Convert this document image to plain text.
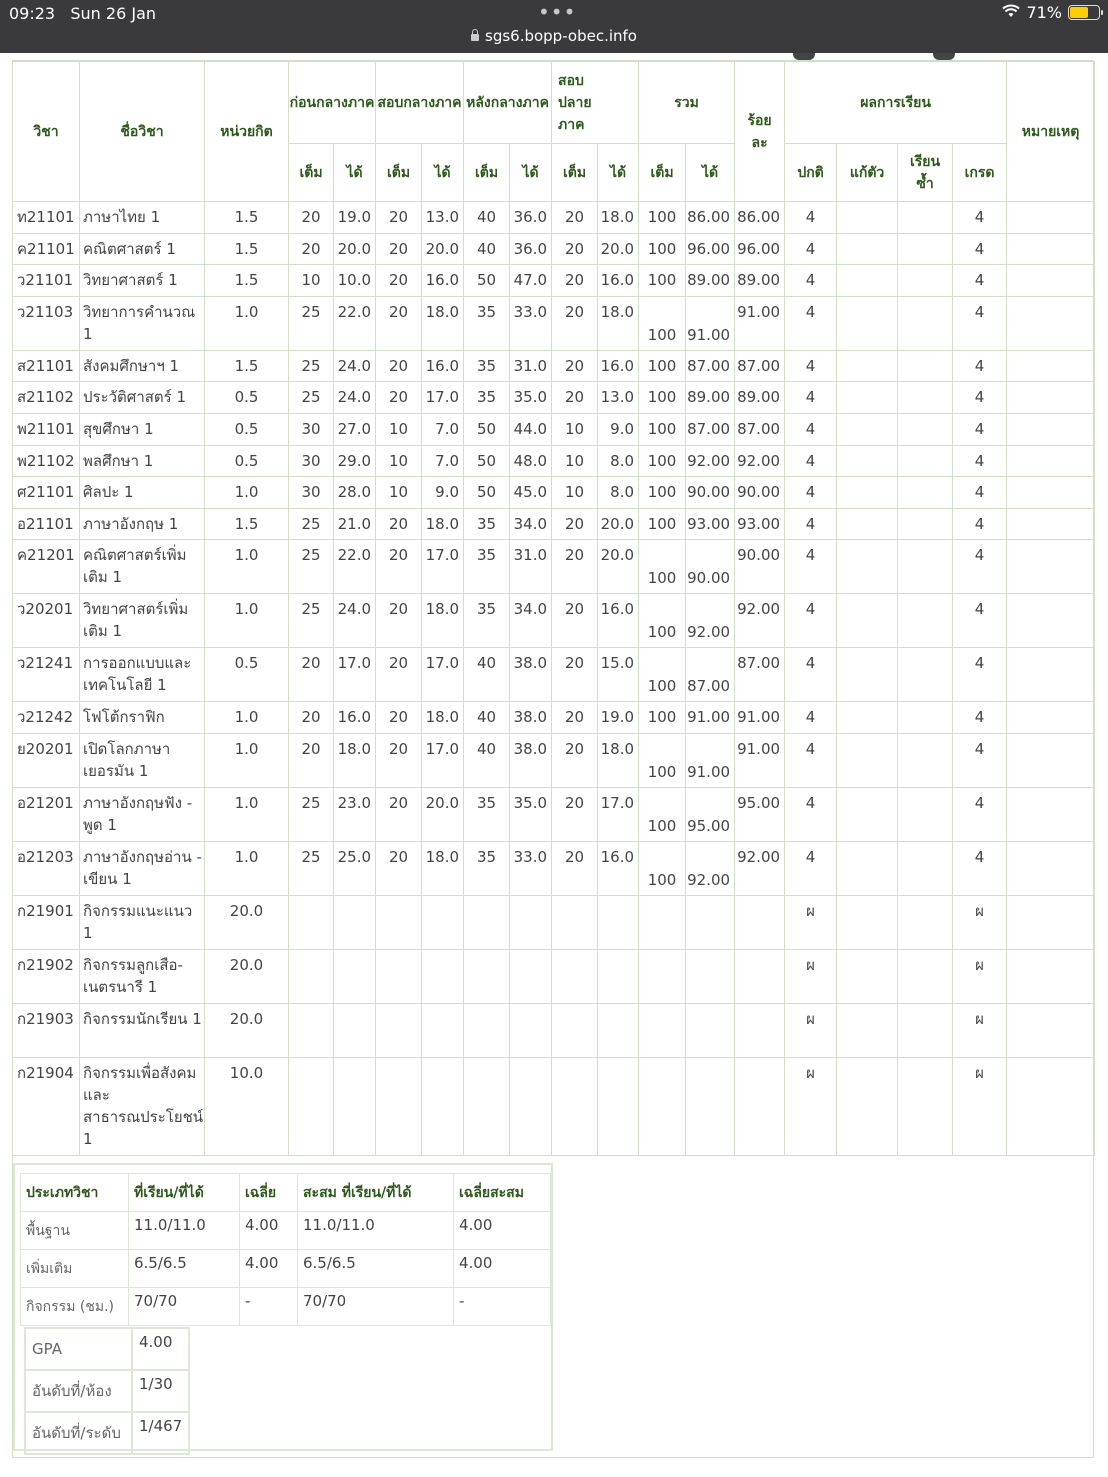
09:23 Sun 26 Jan	•••	71%
sgs6.bopp-obec.info
วิชา	ชื่อวิชา	หน่วยกิต	ก่อนกลางภาค		สอบกลางภาค		หลังกลางภาค		สอบปลายภาค		รวม		ร้อยละ	ผลการเรียน				หมายเหตุ
			เต็ม	ได้	เต็ม	ได้	เต็ม	ได้	เต็ม	ได้	เต็ม	ได้		ปกติ	แก้ตัว	เรียนซ้ำ	เกรด	
ท21101	ภาษาไทย 1	1.5	20	19.0	20	13.0	40	36.0	20	18.0	100	86.00	86.00	4			4	
ค21101	คณิตศาสตร์ 1	1.5	20	20.0	20	20.0	40	36.0	20	20.0	100	96.00	96.00	4			4	
ว21101	วิทยาศาสตร์ 1	1.5	10	10.0	20	16.0	50	47.0	20	16.0	100	89.00	89.00	4			4	
ว21103	วิทยาการคำนวณ 1	1.0	25	22.0	20	18.0	35	33.0	20	18.0	100	91.00	91.00	4			4	
ส21101	สังคมศึกษาฯ 1	1.5	25	24.0	20	16.0	35	31.0	20	16.0	100	87.00	87.00	4			4	
ส21102	ประวัติศาสตร์ 1	0.5	25	24.0	20	17.0	35	35.0	20	13.0	100	89.00	89.00	4			4	
พ21101	สุขศึกษา 1	0.5	30	27.0	10	7.0	50	44.0	10	9.0	100	87.00	87.00	4			4	
พ21102	พลศึกษา 1	0.5	30	29.0	10	7.0	50	48.0	10	8.0	100	92.00	92.00	4			4	
ศ21101	ศิลปะ 1	1.0	30	28.0	10	9.0	50	45.0	10	8.0	100	90.00	90.00	4			4	
อ21101	ภาษาอังกฤษ 1	1.5	25	21.0	20	18.0	35	34.0	20	20.0	100	93.00	93.00	4			4	
ค21201	คณิตศาสตร์เพิ่มเติม 1	1.0	25	22.0	20	17.0	35	31.0	20	20.0	100	90.00	90.00	4			4	
ว20201	วิทยาศาสตร์เพิ่มเติม 1	1.0	25	24.0	20	18.0	35	34.0	20	16.0	100	92.00	92.00	4			4	
ว21241	การออกแบบและเทคโนโลยี 1	0.5	20	17.0	20	17.0	40	38.0	20	15.0	100	87.00	87.00	4			4	
ว21242	โฟโต้กราฟิก	1.0	20	16.0	20	18.0	40	38.0	20	19.0	100	91.00	91.00	4			4	
ย20201	เปิดโลกภาษาเยอรมัน 1	1.0	20	18.0	20	17.0	40	38.0	20	18.0	100	91.00	91.00	4			4	
อ21201	ภาษาอังกฤษฟัง - พูด 1	1.0	25	23.0	20	20.0	35	35.0	20	17.0	100	95.00	95.00	4			4	
อ21203	ภาษาอังกฤษอ่าน - เขียน 1	1.0	25	25.0	20	18.0	35	33.0	20	16.0	100	92.00	92.00	4			4	
ก21901	กิจกรรมแนะแนว 1	20.0												ผ			ผ	
ก21902	กิจกรรมลูกเสือ-เนตรนารี 1	20.0												ผ			ผ	
ก21903	กิจกรรมนักเรียน 1	20.0												ผ			ผ	
ก21904	กิจกรรมเพื่อสังคมและสาธารณประโยชน์ 1	10.0												ผ			ผ	
ประเภทวิชา	ที่เรียน/ที่ได้	เฉลี่ย	สะสม ที่เรียน/ที่ได้	เฉลี่ยสะสม
พื้นฐาน	11.0/11.0	4.00	11.0/11.0	4.00
เพิ่มเติม	6.5/6.5	4.00	6.5/6.5	4.00
กิจกรรม (ชม.)	70/70	-	70/70	-
GPA	4.00
อันดับที่/ห้อง	1/30
อันดับที่/ระดับ	1/467
